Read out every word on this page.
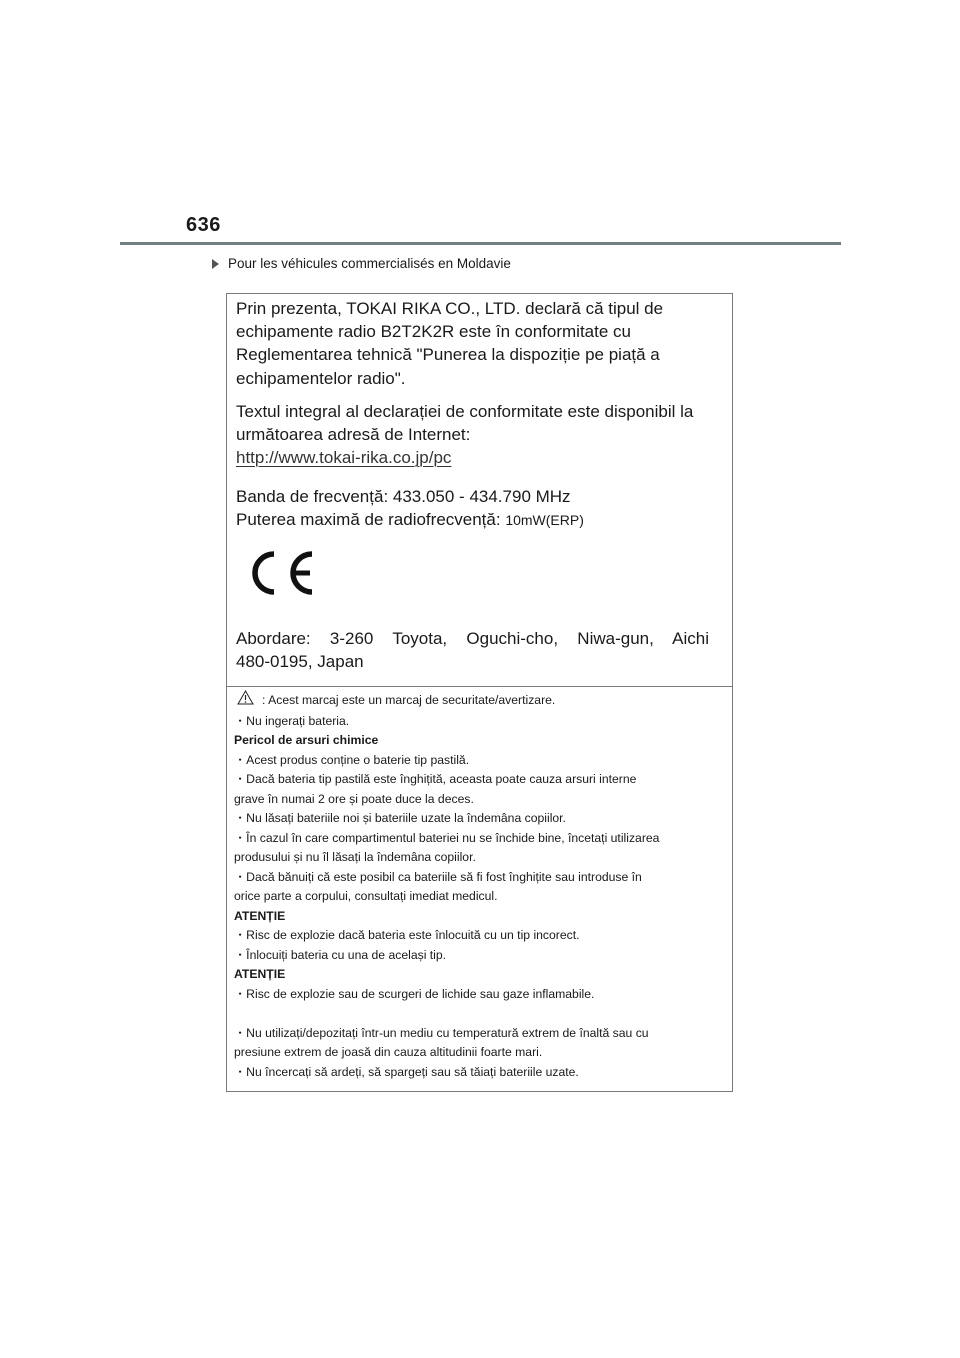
636
Pour les véhicules commercialisés en Moldavie

Prin prezenta, TOKAI RIKA CO., LTD. declară că tipul de echipamente radio B2T2K2R este în conformitate cu Reglementarea tehnică "Punerea la dispoziție pe piață a echipamentelor radio".

Textul integral al declarației de conformitate este disponibil la următoarea adresă de Internet:

http://www.tokai-rika.co.jp/pc

Banda de frecvență: 433.050 - 434.790 MHz
Puterea maximă de radiofrecvență: 10mW(ERP)

Abordare: 3-260 Toyota, Oguchi-cho, Niwa-gun, Aichi

480-0195, Japan

: Acest marcaj este un marcaj de securitate/avertizare.
・Nu ingerați bateria.
Pericol de arsuri chimice
・Acest produs conține o baterie tip pastilă.
・Dacă bateria tip pastilă este înghițită, aceasta poate cauza arsuri interne
grave în numai 2 ore și poate duce la deces.
・Nu lăsați bateriile noi și bateriile uzate la îndemâna copiilor.
・În cazul în care compartimentul bateriei nu se închide bine, încetați utilizarea
produsului și nu îl lăsați la îndemâna copiilor.
・Dacă bănuiți că este posibil ca bateriile să fi fost înghițite sau introduse în
orice parte a corpului, consultați imediat medicul.
ATENȚIE
・Risc de explozie dacă bateria este înlocuită cu un tip incorect.
・Înlocuiți bateria cu una de același tip.
ATENȚIE
・Risc de explozie sau de scurgeri de lichide sau gaze inflamabile.
・Nu utilizați/depozitați într-un mediu cu temperatură extrem de înaltă sau cu
presiune extrem de joasă din cauza altitudinii foarte mari.
・Nu încercați să ardeți, să spargeți sau să tăiați bateriile uzate.
